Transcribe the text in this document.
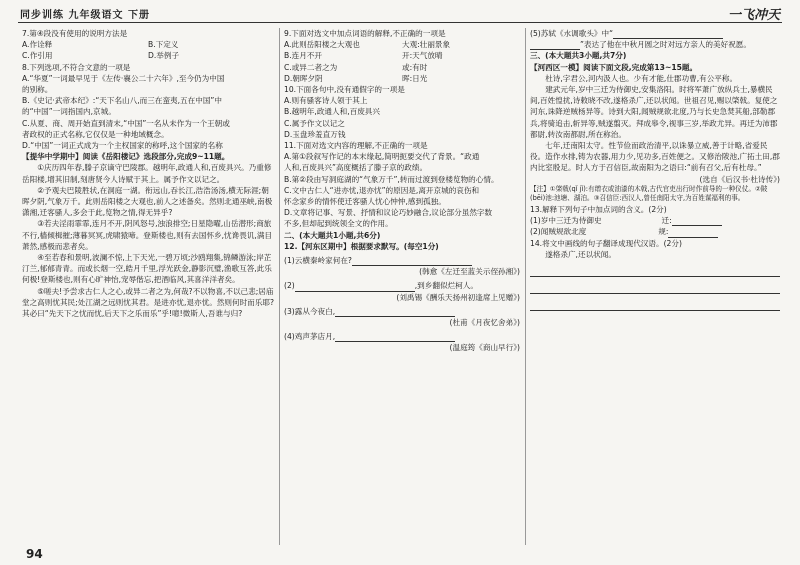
同步训练 九年级语文 下册	一飞冲天
7.第④段没有使用的说明方法是
A.作诠释	B.下定义
C.作引用	D.举例子
8.下列选项,不符合文意的一项是
A.“华夏”一词最早见于《左传·襄公二十六年》,至今仍为中国
的别称。
B.《史记·武帝本纪》:“天下名山八,而三在蛮夷,五在中国”中
的“中国”一词指国内,京城。
C.从夏、商、周开始直到清末,“中国”一名从未作为一个王朝或
者政权的正式名称,它仅仅是一种地域概念。
D.“中国”一词正式成为一个主权国家的称呼,这个国家的名称
【提华中学期中】阅读《岳阳楼记》选段部分,完成9~11题。
①庆历四年春,滕子京谪守巴陵郡。越明年,政通人和,百废具兴。乃重修岳阳楼,增其旧制,刻唐贤今人诗赋于其上。属予作文以记之。
②予观夫巴陵胜状,在洞庭一湖。衔远山,吞长江,浩浩汤汤,横无际涯;朝晖夕阴,气象万千。此则岳阳楼之大观也,前人之述备矣。然则北通巫峡,南极潇湘,迁客骚人,多会于此,览物之情,得无异乎?
③若夫淫雨霏霏,连月不开,阴风怒号,浊浪排空;日星隐曜,山岳潜形;商旅不行,樯倾楫摧;薄暮冥冥,虎啸猿啼。登斯楼也,则有去国怀乡,忧谗畏讥,满目萧然,感极而悲者矣。
④至若春和景明,波澜不惊,上下天光,一碧万顷;沙鸥翔集,锦鳞游泳;岸芷汀兰,郁郁青青。而或长烟一空,皓月千里,浮光跃金,静影沉璧,渔歌互答,此乐何极!登斯楼也,则有心旷神怡,宠辱偕忘,把酒临风,其喜洋洋者矣。
⑤嗟夫!予尝求古仁人之心,或异二者之为,何哉?不以物喜,不以己悲;居庙堂之高则忧其民;处江湖之远则忧其君。是进亦忧,退亦忧。然则何时而乐耶?其必曰“先天下之忧而忧,后天下之乐而乐”乎!噫!微斯人,吾谁与归?
9.下面对选文中加点词语的解释,不正确的一项是
A.此则岳阳楼之大观也	大观:壮丽景象
B.连月不开	开:天气放晴
C.或异二者之为	或:有时
D.朝晖夕阴	晖:日光
10.下面各句中,没有通假字的一项是
A.则有骚客诗人领于其上
B.越明年,政通人和,百废具兴
C.属予作文以记之
D.玉盘珍羞直万钱
11.下面对选文内容的理解,不正确的一项是
A.第①段叙写作记的本末缘起,简明扼要交代了背景。“政通
人和,百废具兴”高度概括了滕子京的政绩。
B.第②段由写洞庭湖的“气象万千”,转而过渡到登楼览物的心情。
C.文中古仁人“进亦忧,退亦忧”的原因是,离开京城的哀伤和
怀念家乡的情怀使迁客骚人忧心忡忡,感到孤独。
D.文章将记事、写景、抒情和议论巧妙融合,议论部分虽然字数
不多,但却起到统领全文的作用。
二、(本大题共1小题,共6分)
12.【河东区期中】根据要求默写。(每空1分)
(1)云横秦岭家何在?
(韩愈《左迁至蓝关示侄孙湘》)
(2)	,到乡翻似烂柯人。
(刘禹锡《酬乐天扬州初逢席上见赠》)
(3)露从今夜白,
(杜甫《月夜忆舍弟》)
(4)鸡声茅店月,
(温庭筠《商山早行》)
(5)苏轼《水调歌头》中“
”表达了他在中秋月圆之时对远方亲人的美好祝愿。
三、(本大题共3小题,共7分)
【河西区一模】阅读下面文段,完成第13~15题。
杜诗,字君公,河内汲人也。少有才能,仕郡功曹,有公平称。
建武元年,岁中三迁为侍御史,安集洛阳。时将军萧广放纵兵士,暴横民间,百姓惶扰,诗敕晓不改,遂格杀广,还以状闻。世祖召见,赐以棨戟。复使之河东,诛降逆贼杨异等。诗到大阳,闻贼规欲北度,乃与长史急焚其船,部勒郡兵,将骑追击,斩异等,贼遂翦灭。拜成皋令,视事三岁,举政尤异。再迁为沛郡都尉,转汝南都尉,所在称治。
七年,迁南阳太守。性节俭而政治清平,以诛暴立威,善于计略,省爱民役。造作水排,铸为农器,用力少,见功多,百姓便之。又修治陂池,广拓土田,郡内比室殷足。时人方于召信臣,故南阳为之语曰:“前有召父,后有杜母。”
(选自《后汉书·杜诗传》)
【注】①棨戟(qǐ jǐ):有缯衣或油漆的木戟,古代官吏出行时作前导的一种仪仗。②陂(bēi)池:池塘、湖泊。③召信臣:西汉人,曾任南阳太守,为百姓谋福利的事。
13.解释下列句子中加点词的含义。(2分)
(1)岁中三迁为侍御史	迁:
(2)闻贼规欲北度	规:
14.将文中画线的句子翻译成现代汉语。(2分)
遂格杀广,还以状闻。
94
